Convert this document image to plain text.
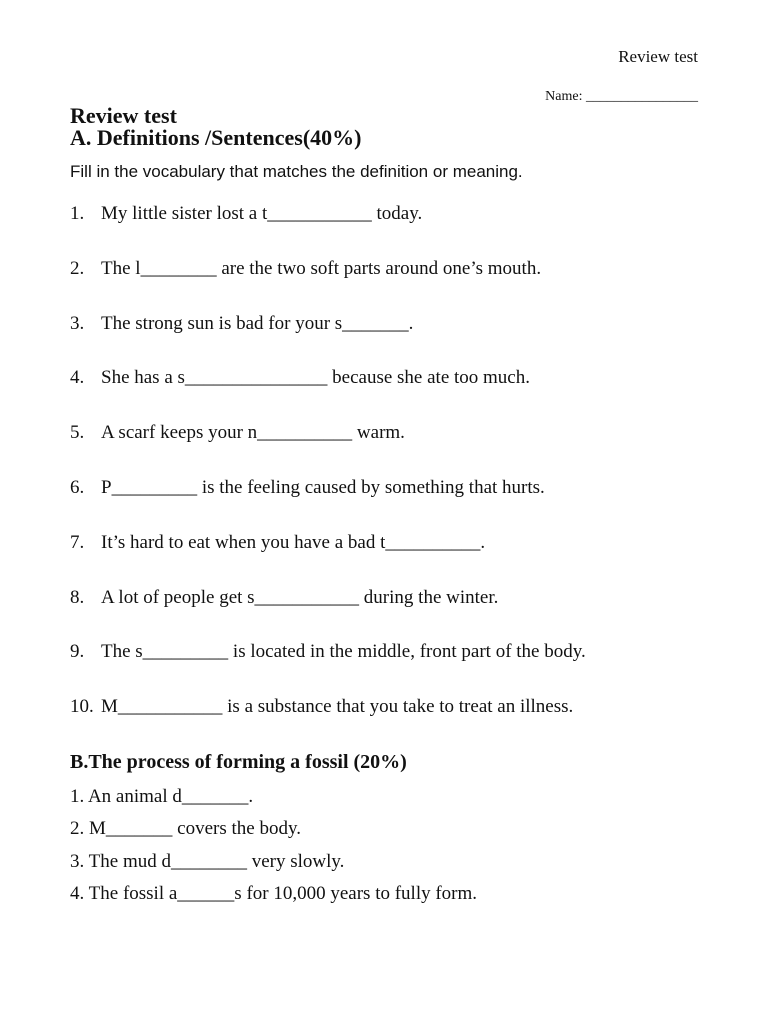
Review test
Name: ________________
Review test
A. Definitions /Sentences(40%)
Fill in the vocabulary that matches the definition or meaning.
1. My little sister lost a t___________ today.
2. The l________ are the two soft parts around one’s mouth.
3. The strong sun is bad for your s_______.
4. She has a s_______________ because she ate too much.
5. A scarf keeps your n__________ warm.
6. P_________ is the feeling caused by something that hurts.
7. It’s hard to eat when you have a bad t__________.
8. A lot of people get s___________ during the winter.
9. The s_________ is located in the middle, front part of the body.
10. M___________ is a substance that you take to treat an illness.
B.The process of forming a fossil (20%)
1. An animal d_______.
2. M_______ covers the body.
3. The mud d________ very slowly.
4. The fossil a______s for 10,000 years to fully form.
